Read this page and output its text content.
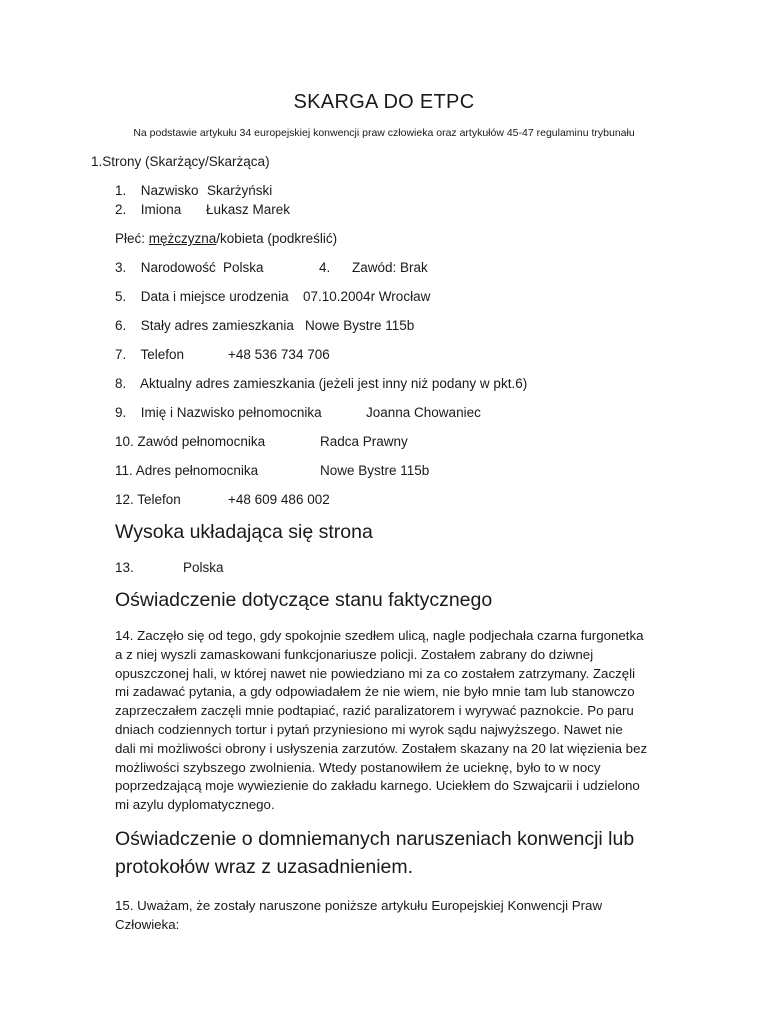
SKARGA DO ETPC
Na podstawie artykułu 34 europejskiej konwencji praw człowieka oraz artykułów 45-47 regulaminu trybunału
1.Strony (Skarżący/Skarżąca)
1. Nazwisko Skarżyński
2. Imiona Łukasz Marek
Płeć: mężczyzna/kobieta (podkreślić)
3. Narodowość Polska	4. Zawód: Brak
5. Data i miejsce urodzenia 07.10.2004r Wrocław
6. Stały adres zamieszkania Nowe Bystre 115b
7. Telefon	+48 536 734 706
8. Aktualny adres zamieszkania (jeżeli jest inny niż podany w pkt.6)
9. Imię i Nazwisko pełnomocnika	Joanna Chowaniec
10. Zawód pełnomocnika	Radca Prawny
11. Adres pełnomocnika	Nowe Bystre 115b
12. Telefon	+48 609 486 002
Wysoka układająca się strona
13.	Polska
Oświadczenie dotyczące stanu faktycznego
14. Zaczęło się od tego, gdy spokojnie szedłem ulicą, nagle podjechała czarna furgonetka
a z niej wyszli zamaskowani funkcjonariusze policji. Zostałem zabrany do dziwnej
opuszczonej hali, w której nawet nie powiedziano mi za co zostałem zatrzymany. Zaczęli
mi zadawać pytania, a gdy odpowiadałem że nie wiem, nie było mnie tam lub stanowczo
zaprzeczałem zaczęli mnie podtapiać, razić paralizatorem i wyrywać paznokcie. Po paru
dniach codziennych tortur i pytań przyniesiono mi wyrok sądu najwyższego. Nawet nie
dali mi możliwości obrony i usłyszenia zarzutów. Zostałem skazany na 20 lat więzienia bez
możliwości szybszego zwolnienia. Wtedy postanowiłem że ucieknę, było to w nocy
poprzedzającą moje wywiezienie do zakładu karnego. Uciekłem do Szwajcarii i udzielono
mi azylu dyplomatycznego.
Oświadczenie o domniemanych naruszeniach konwencji lub
protokołów wraz z uzasadnieniem.
15. Uważam, że zostały naruszone poniższe artykułu Europejskiej Konwencji Praw
Człowieka:
